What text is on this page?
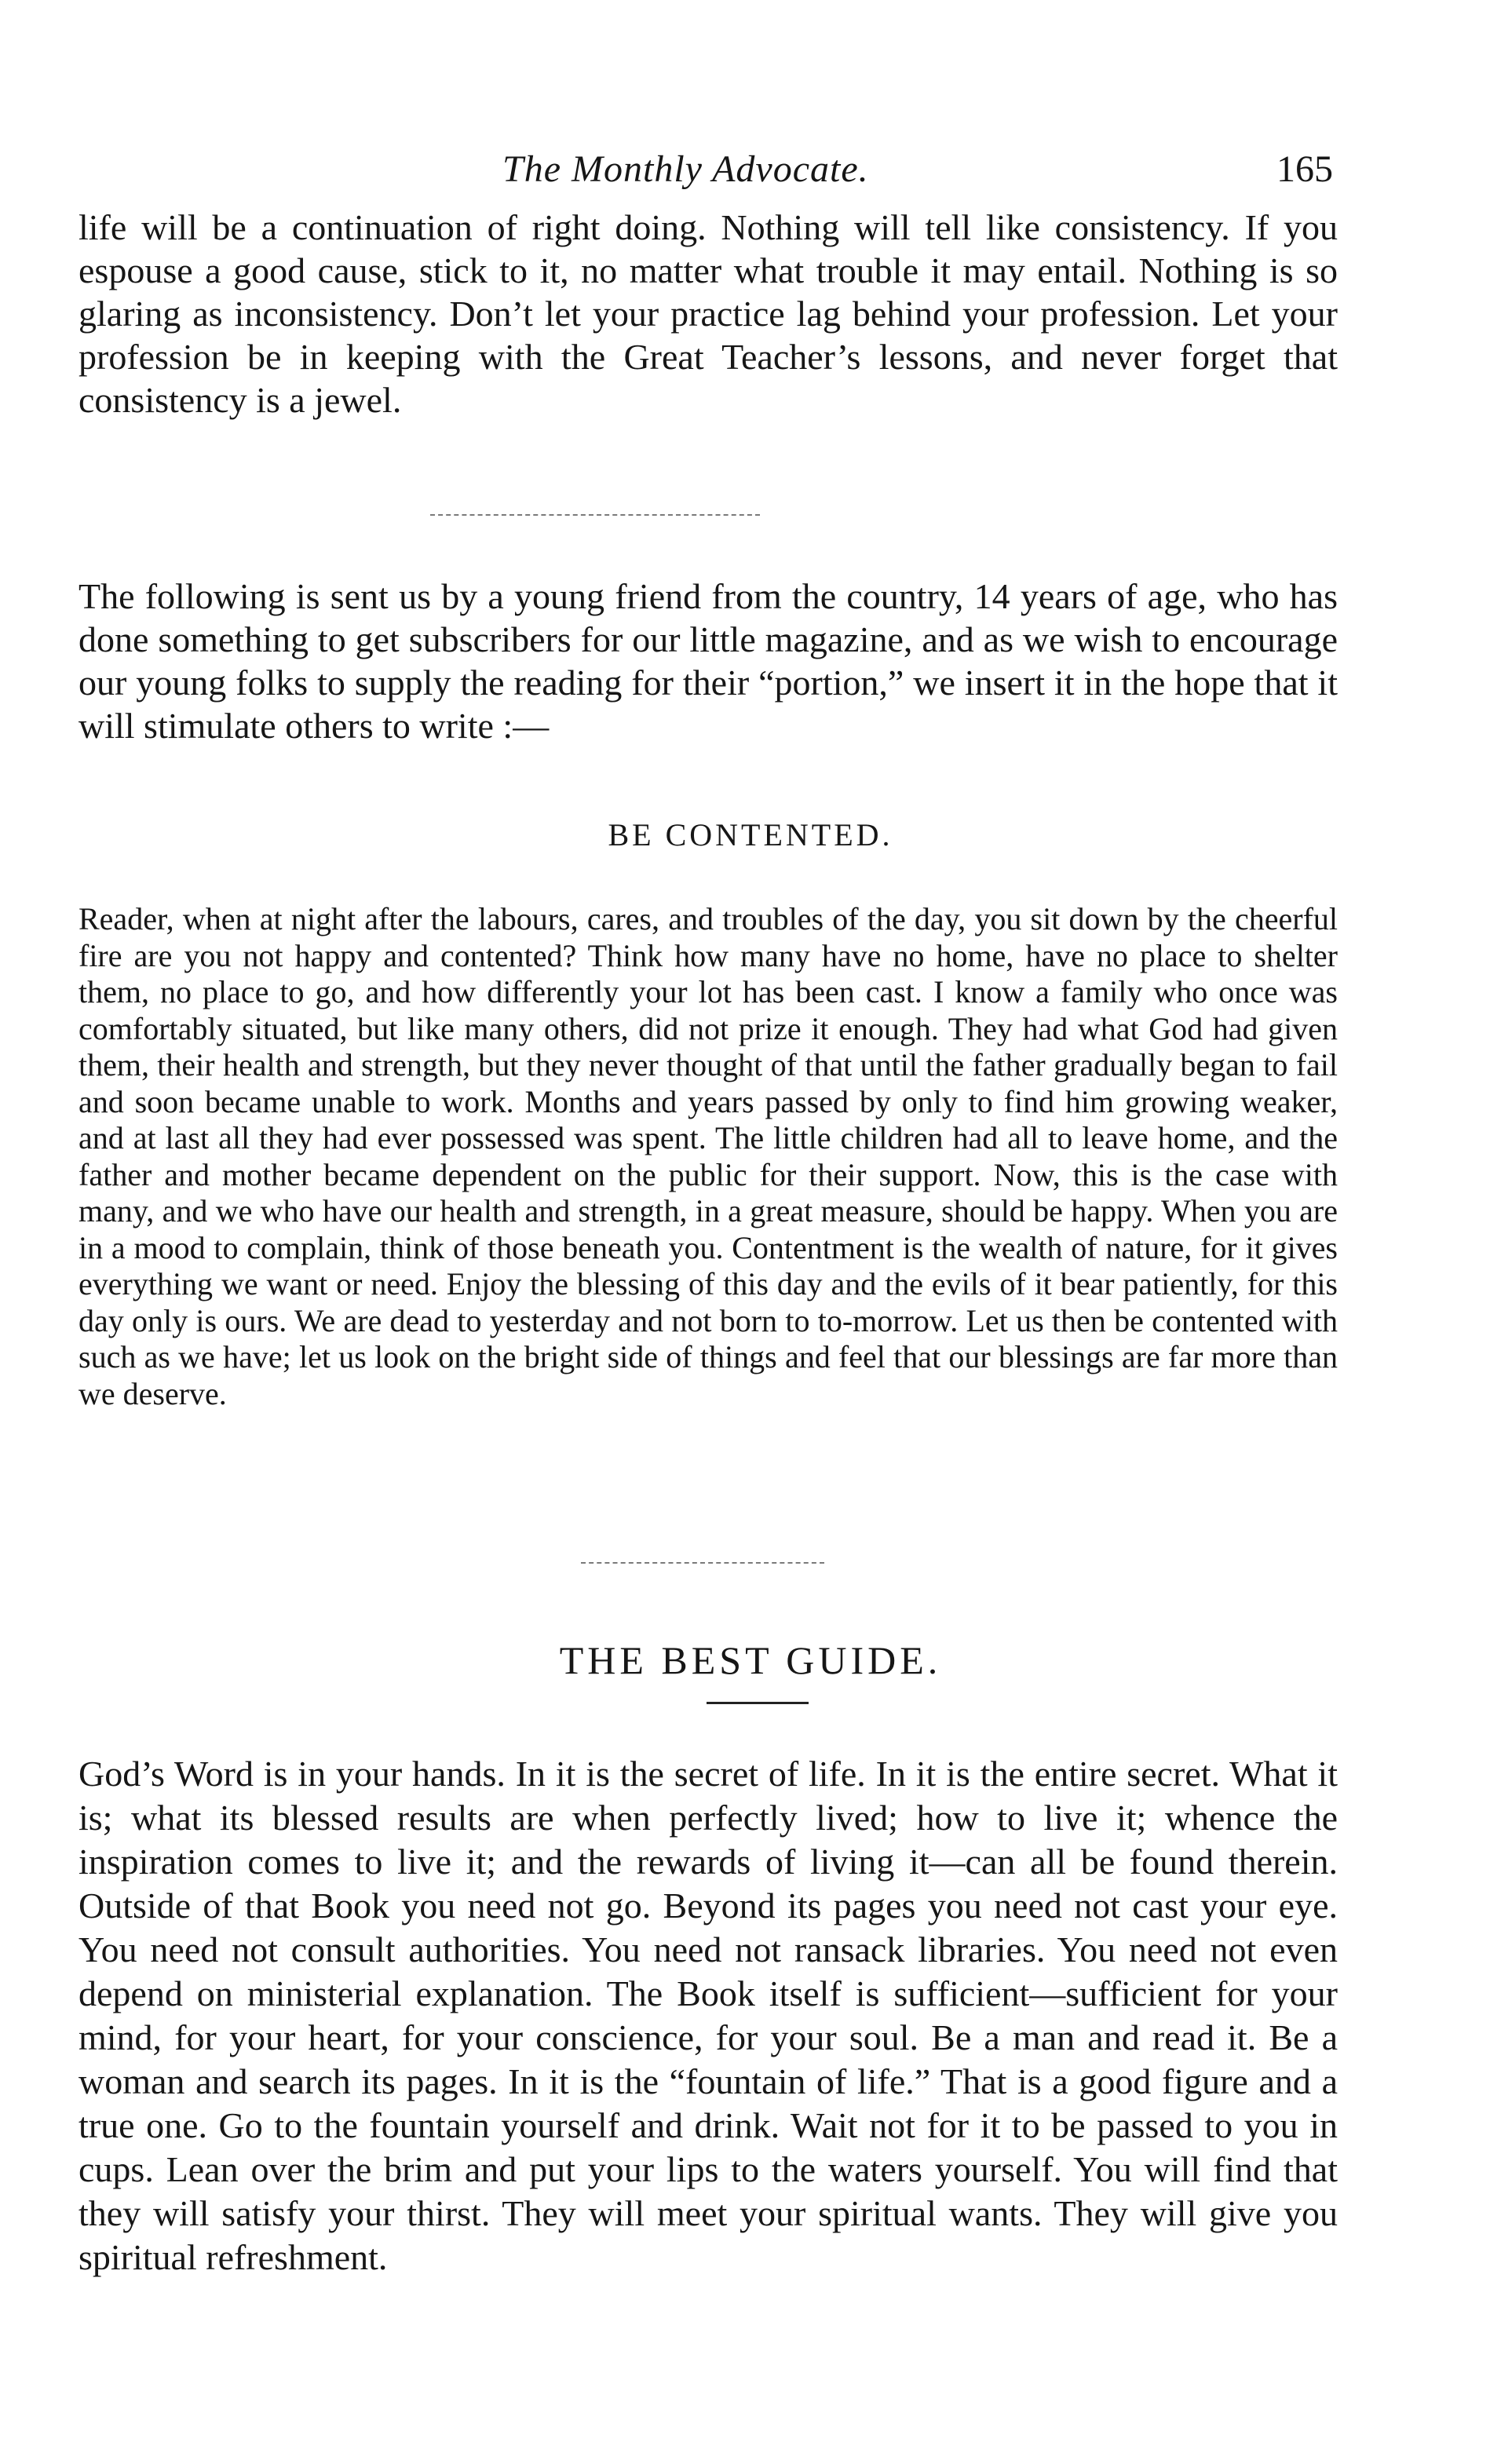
The Monthly Advocate.	165

life will be a continuation of right doing. Nothing will tell like consistency. If you espouse a good cause, stick to it, no matter what trouble it may entail. Nothing is so glaring as inconsistency. Don’t let your practice lag behind your profession. Let your profession be in keeping with the Great Teacher’s lessons, and never forget that consistency is a jewel.

The following is sent us by a young friend from the country, 14 years of age, who has done something to get subscribers for our little magazine, and as we wish to encourage our young folks to supply the reading for their “portion,” we insert it in the hope that it will stimulate others to write :—

BE CONTENTED.

Reader, when at night after the labours, cares, and troubles of the day, you sit down by the cheerful fire are you not happy and contented? Think how many have no home, have no place to shelter them, no place to go, and how differently your lot has been cast. I know a family who once was comfortably situated, but like many others, did not prize it enough. They had what God had given them, their health and strength, but they never thought of that until the father gradually began to fail and soon became unable to work. Months and years passed by only to find him growing weaker, and at last all they had ever possessed was spent. The little children had all to leave home, and the father and mother became dependent on the public for their support. Now, this is the case with many, and we who have our health and strength, in a great measure, should be happy. When you are in a mood to complain, think of those beneath you. Contentment is the wealth of nature, for it gives everything we want or need. Enjoy the blessing of this day and the evils of it bear patiently, for this day only is ours. We are dead to yesterday and not born to to-morrow. Let us then be contented with such as we have; let us look on the bright side of things and feel that our blessings are far more than we deserve.

THE BEST GUIDE.

God’s Word is in your hands. In it is the secret of life. In it is the entire secret. What it is; what its blessed results are when perfectly lived; how to live it; whence the inspiration comes to live it; and the rewards of living it—can all be found therein. Outside of that Book you need not go. Beyond its pages you need not cast your eye. You need not consult authorities. You need not ransack libraries. You need not even depend on ministerial explanation. The Book itself is sufficient—sufficient for your mind, for your heart, for your conscience, for your soul. Be a man and read it. Be a woman and search its pages. In it is the “fountain of life.” That is a good figure and a true one. Go to the fountain yourself and drink. Wait not for it to be passed to you in cups. Lean over the brim and put your lips to the waters yourself. You will find that they will satisfy your thirst. They will meet your spiritual wants. They will give you spiritual refreshment.
